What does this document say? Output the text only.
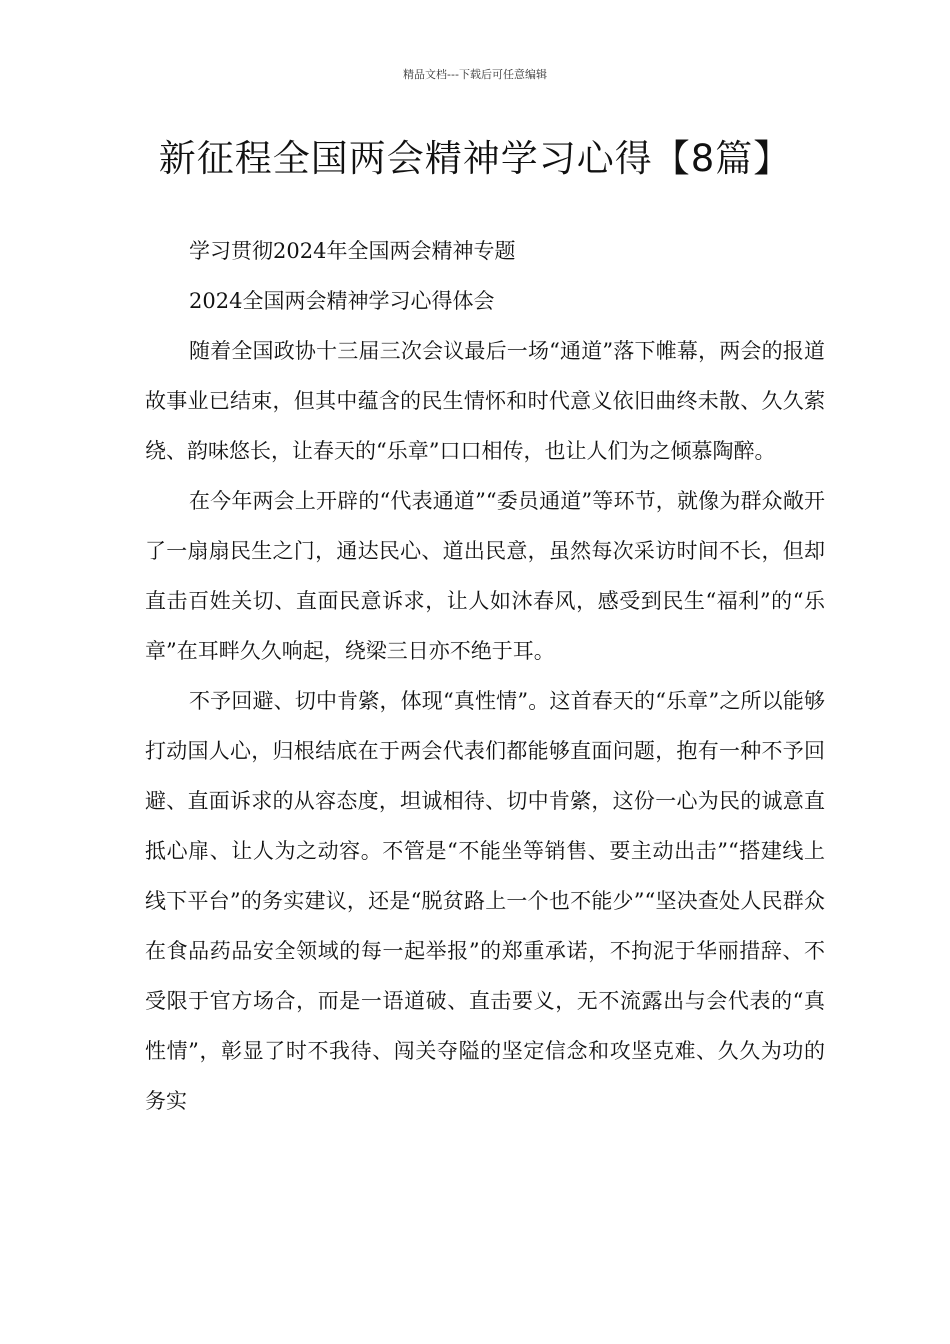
精品文档---下载后可任意编辑
新征程全国两会精神学习心得【8篇】

学习贯彻2024年全国两会精神专题

2024全国两会精神学习心得体会

随着全国政协十三届三次会议最后一场“通道”落下帷幕，两会的报道故事业已结束，但其中蕴含的民生情怀和时代意义依旧曲终未散、久久萦绕、韵味悠长，让春天的“乐章”口口相传，也让人们为之倾慕陶醉。

在今年两会上开辟的“代表通道”“委员通道”等环节，就像为群众敞开了一扇扇民生之门，通达民心、道出民意，虽然每次采访时间不长，但却直击百姓关切、直面民意诉求，让人如沐春风，感受到民生“福利”的“乐章”在耳畔久久响起，绕梁三日亦不绝于耳。

不予回避、切中肯綮，体现“真性情”。这首春天的“乐章”之所以能够打动国人心，归根结底在于两会代表们都能够直面问题，抱有一种不予回避、直面诉求的从容态度，坦诚相待、切中肯綮，这份一心为民的诚意直抵心扉、让人为之动容。不管是“不能坐等销售、要主动出击”“搭建线上线下平台”的务实建议，还是“脱贫路上一个也不能少”“坚决查处人民群众在食品药品安全领域的每一起举报”的郑重承诺，不拘泥于华丽措辞、不受限于官方场合，而是一语道破、直击要义，无不流露出与会代表的“真性情”，彰显了时不我待、闯关夺隘的坚定信念和攻坚克难、久久为功的务实
